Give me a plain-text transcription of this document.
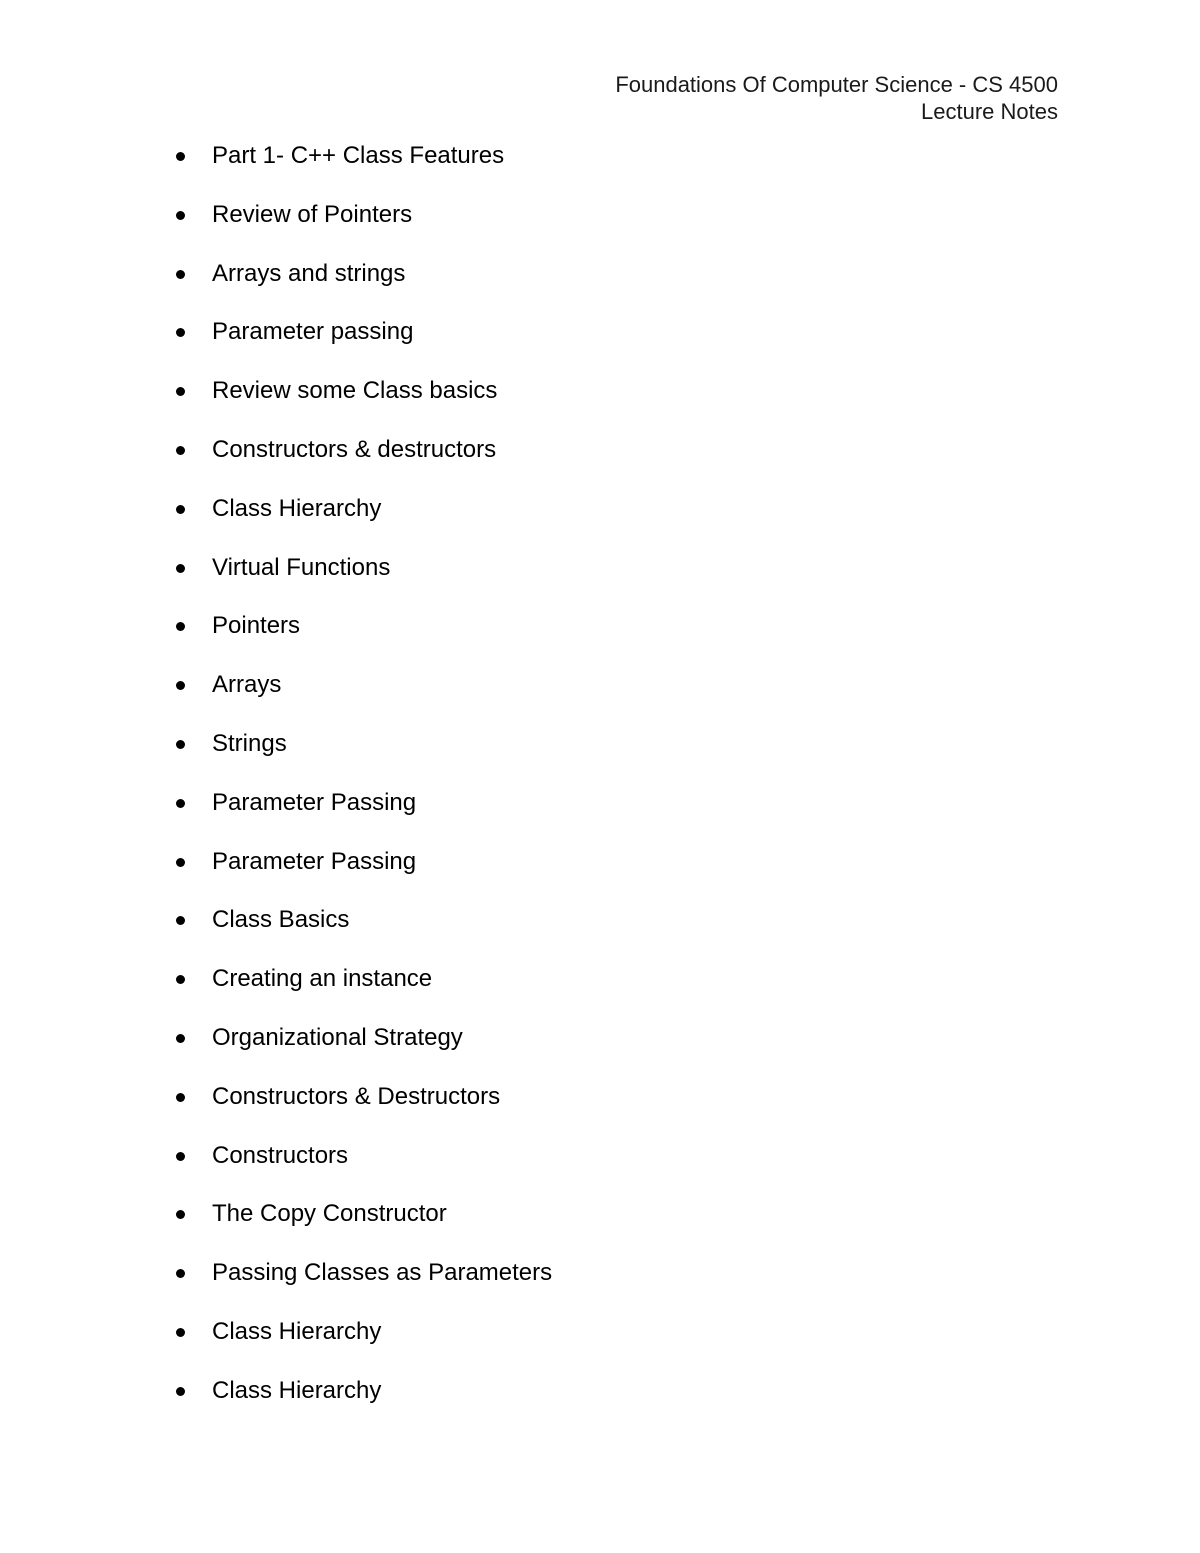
Foundations Of Computer Science - CS 4500
Lecture Notes
Part 1- C++ Class Features
Review of Pointers
Arrays and strings
Parameter passing
Review some Class basics
Constructors & destructors
Class Hierarchy
Virtual Functions
Pointers
Arrays
Strings
Parameter Passing
Parameter Passing
Class Basics
Creating an instance
Organizational Strategy
Constructors & Destructors
Constructors
The Copy Constructor
Passing Classes as Parameters
Class Hierarchy
Class Hierarchy
